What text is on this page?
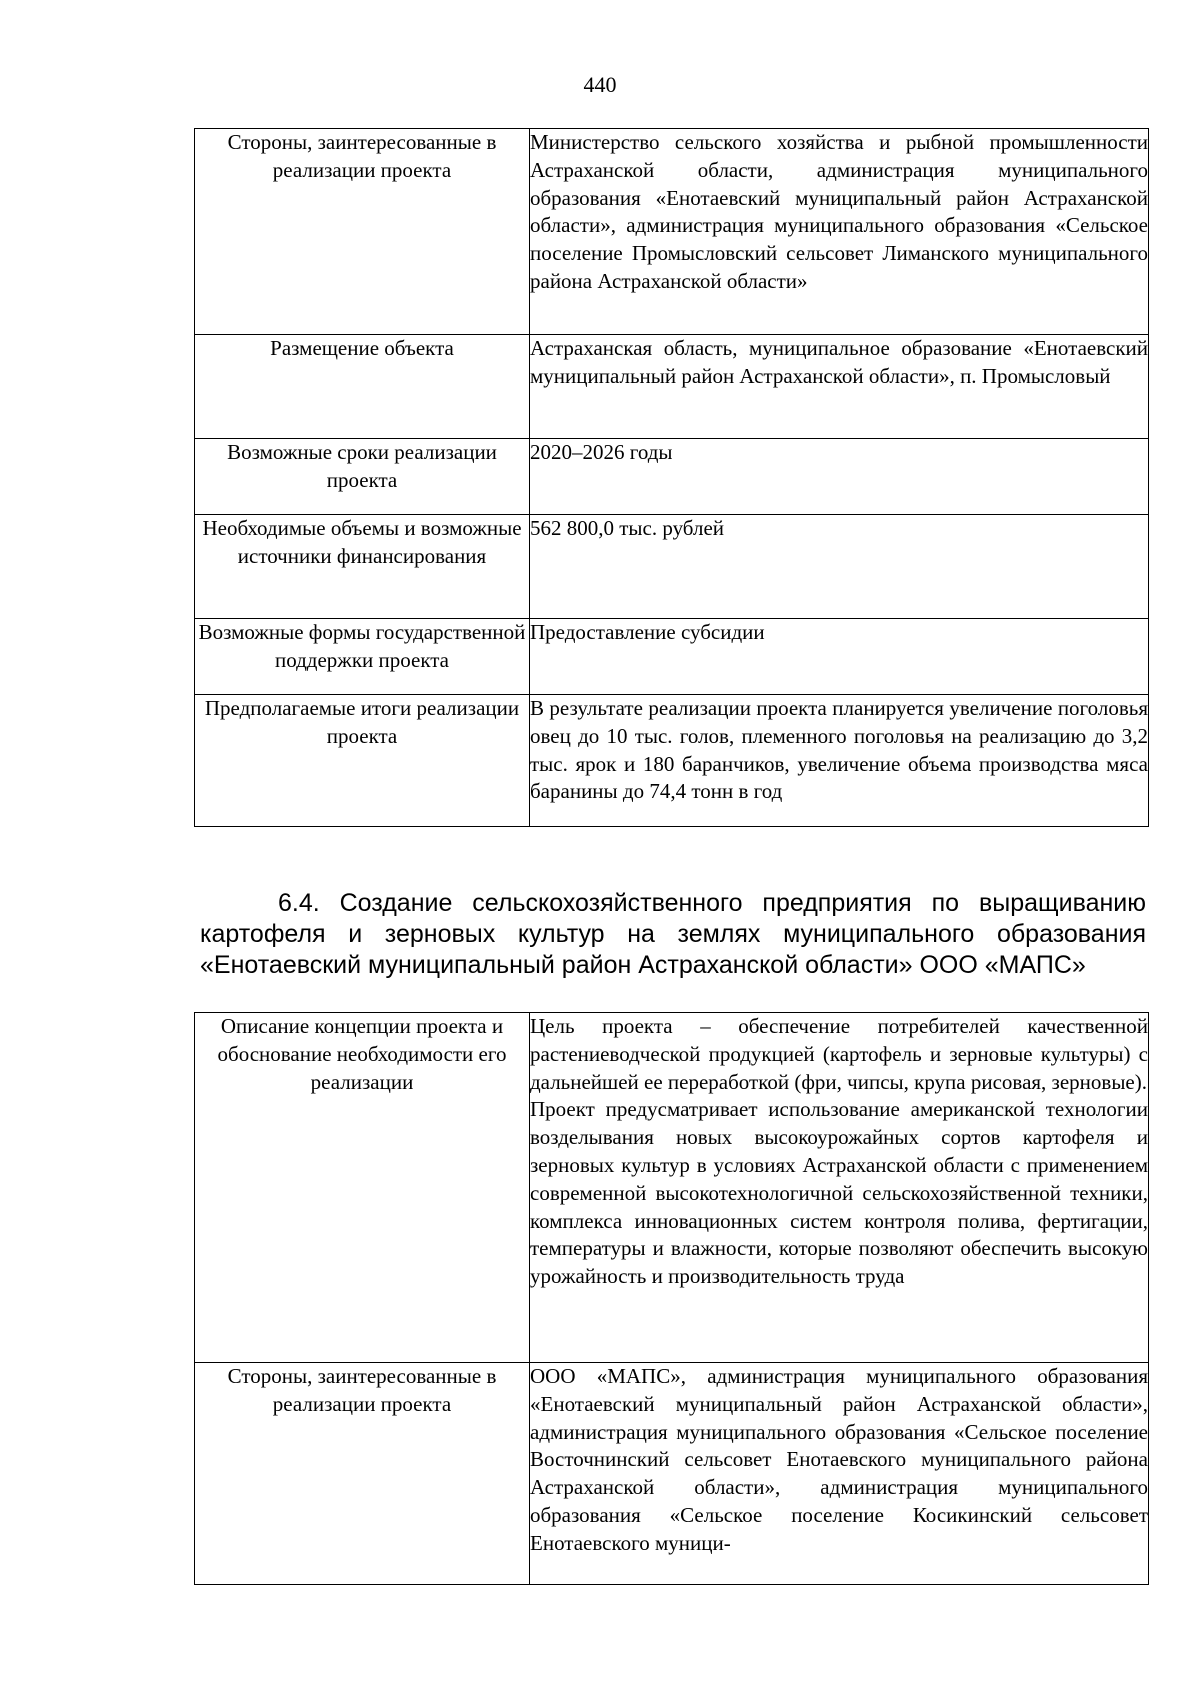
440
Стороны, заинтересованные в реализации проекта	Министерство сельского хозяйства и рыбной промышленности Астраханской области, администрация муниципального образования «Енотаевский муниципальный район Астраханской области», администрация муниципального образования «Сельское поселение Промысловский сельсовет Лиманского муниципального района Астраханской области»
Размещение объекта	Астраханская область, муниципальное образование «Енотаевский муниципальный район Астраханской области», п. Промысловый
Возможные сроки реализации проекта	2020–2026 годы
Необходимые объемы и возможные источники финансирования	562 800,0 тыс. рублей
Возможные формы государственной поддержки проекта	Предоставление субсидии
Предполагаемые итоги реализации проекта	В результате реализации проекта планируется увеличение поголовья овец до 10 тыс. голов, племенного поголовья на реализацию до 3,2 тыс. ярок и 180 баранчиков, увеличение объема производства мяса баранины до 74,4 тонн в год

6.4. Создание сельскохозяйственного предприятия по выращиванию картофеля и зерновых культур на землях муниципального образования «Енотаевский муниципальный район Астраханской области» ООО «МАПС»

Описание концепции проекта и обоснование необходимости его реализации	Цель проекта – обеспечение потребителей качественной растениеводческой продукцией (картофель и зерновые культуры) с дальнейшей ее переработкой (фри, чипсы, крупа рисовая, зерновые).

Проект предусматривает использование американской технологии возделывания новых высокоурожайных сортов картофеля и зерновых культур в условиях Астраханской области с применением современной высокотехнологичной сельскохозяйственной техники, комплекса инновационных систем контроля полива, фертигации, температуры и влажности, которые позволяют обеспечить высокую урожайность и производительность труда

Стороны, заинтересованные в реализации проекта	ООО «МАПС», администрация муниципального образования «Енотаевский муниципальный район Астраханской области», администрация муниципального образования «Сельское поселение Восточнинский сельсовет Енотаевского муниципального района Астраханской области», администрация муниципального образования «Сельское поселение Косикинский сельсовет Енотаевского муници-
